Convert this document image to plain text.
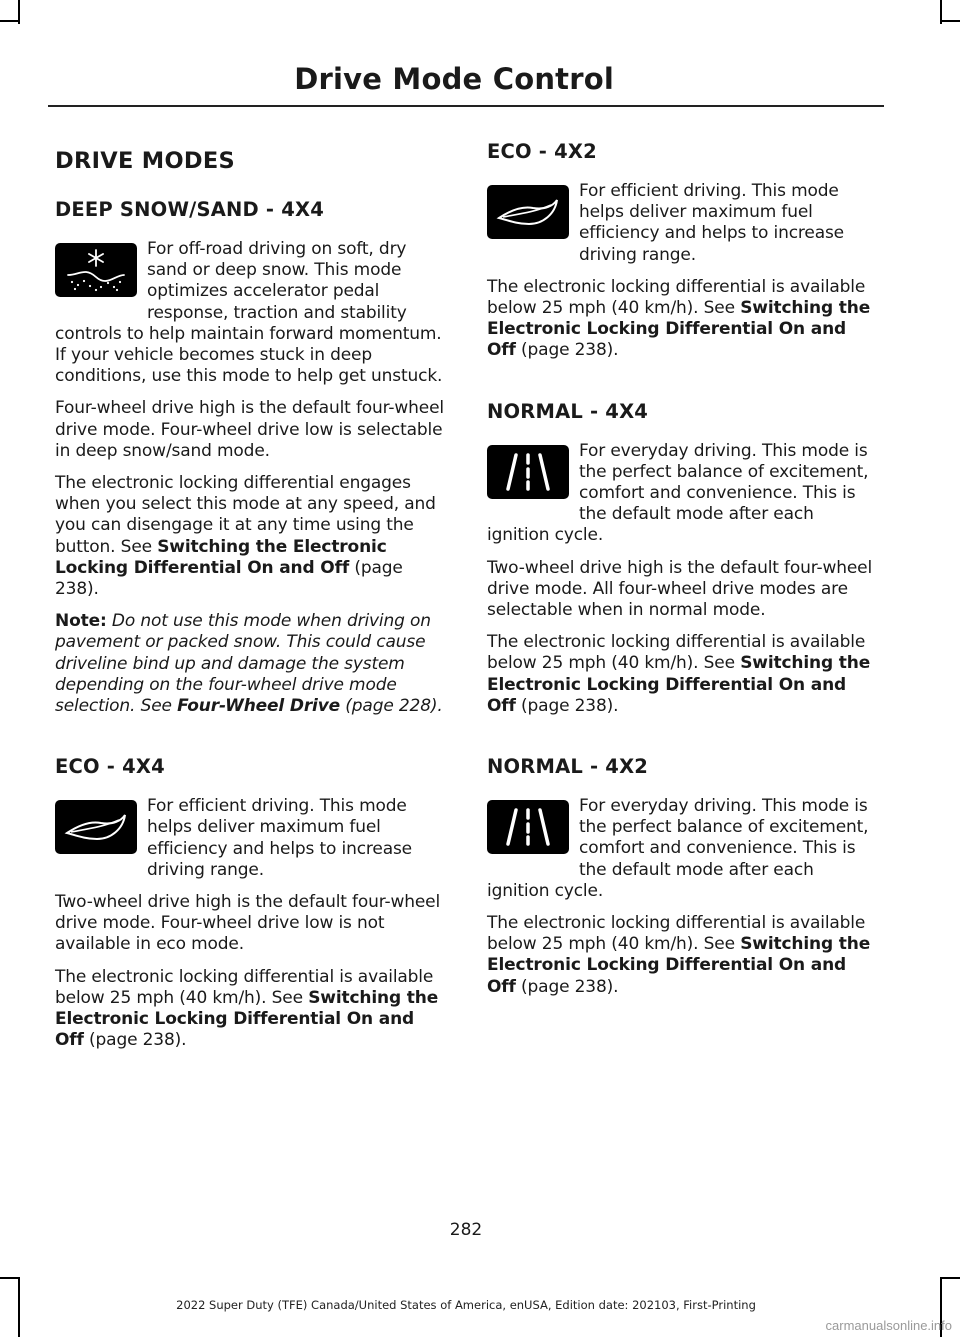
Drive Mode Control
DRIVE MODES
DEEP SNOW/SAND - 4X4

For off-road driving on soft, dry sand or deep snow. This mode optimizes accelerator pedal response, traction and stability controls to help maintain forward momentum. If your vehicle becomes stuck in deep conditions, use this mode to help get unstuck.

Four-wheel drive high is the default four-wheel drive mode. Four-wheel drive low is selectable in deep snow/sand mode.

The electronic locking differential engages when you select this mode at any speed, and you can disengage it at any time using the button. See Switching the Electronic Locking Differential On and Off (page 238).

Note: Do not use this mode when driving on pavement or packed snow. This could cause driveline bind up and damage the system depending on the four-wheel drive mode selection. See Four-Wheel Drive (page 228).

ECO - 4X4

For efficient driving. This mode helps deliver maximum fuel efficiency and helps to increase driving range.

Two-wheel drive high is the default four-wheel drive mode. Four-wheel drive low is not available in eco mode.

The electronic locking differential is available below 25 mph (40 km/h). See Switching the Electronic Locking Differential On and Off (page 238).

ECO - 4X2

For efficient driving. This mode helps deliver maximum fuel efficiency and helps to increase driving range.

The electronic locking differential is available below 25 mph (40 km/h). See Switching the Electronic Locking Differential On and Off (page 238).

NORMAL - 4X4

For everyday driving. This mode is the perfect balance of excitement, comfort and convenience. This is the default mode after each ignition cycle.

Two-wheel drive high is the default four-wheel drive mode. All four-wheel drive modes are selectable when in normal mode.

The electronic locking differential is available below 25 mph (40 km/h). See Switching the Electronic Locking Differential On and Off (page 238).

NORMAL - 4X2

For everyday driving. This mode is the perfect balance of excitement, comfort and convenience. This is the default mode after each ignition cycle.

The electronic locking differential is available below 25 mph (40 km/h). See Switching the Electronic Locking Differential On and Off (page 238).

282
2022 Super Duty (TFE) Canada/United States of America, enUSA, Edition date: 202103, First-Printing
carmanualsonline.info
